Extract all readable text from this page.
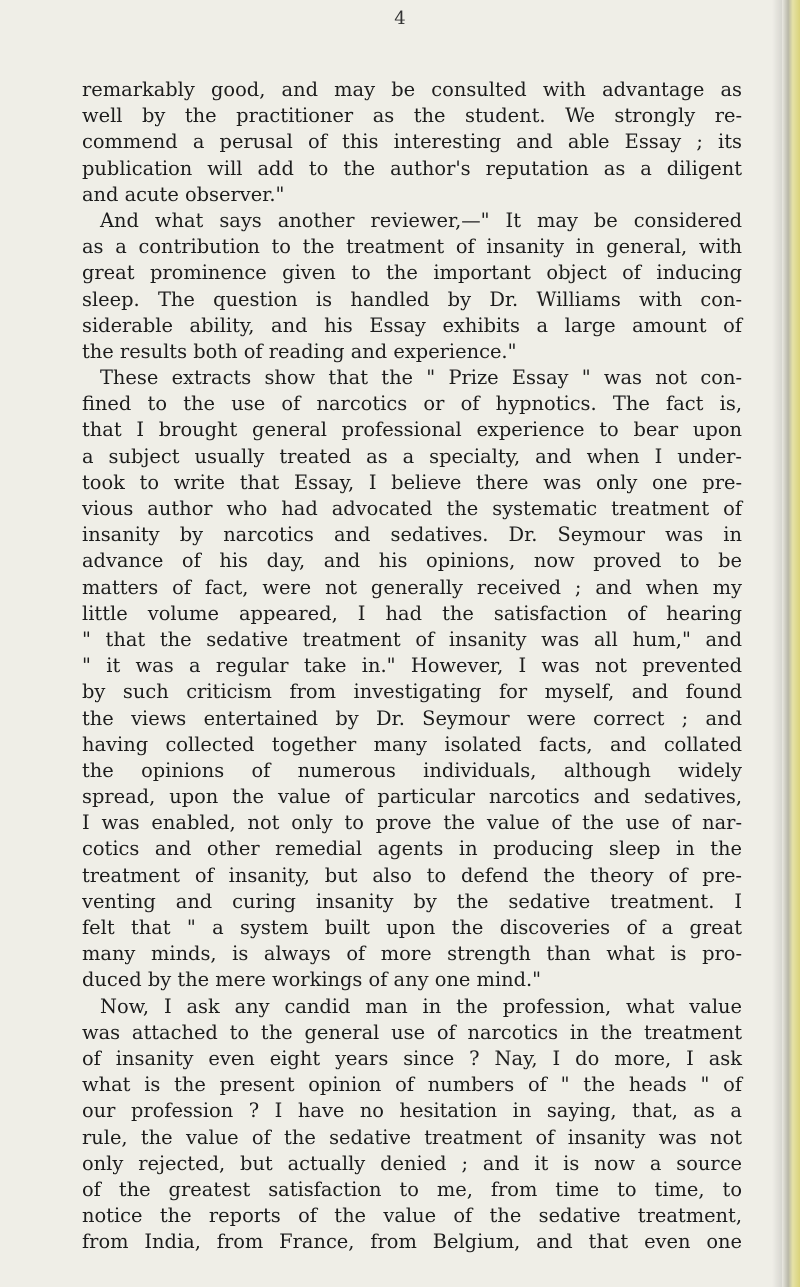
4
remarkably good, and may be consulted with advantage as
well by the practitioner as the student. We strongly re-
commend a perusal of this interesting and able Essay ; its
publication will add to the author's reputation as a diligent
and acute observer."
And what says another reviewer,—" It may be considered
as a contribution to the treatment of insanity in general, with
great prominence given to the important object of inducing
sleep. The question is handled by Dr. Williams with con-
siderable ability, and his Essay exhibits a large amount of
the results both of reading and experience."
These extracts show that the " Prize Essay " was not con-
fined to the use of narcotics or of hypnotics. The fact is,
that I brought general professional experience to bear upon
a subject usually treated as a specialty, and when I under-
took to write that Essay, I believe there was only one pre-
vious author who had advocated the systematic treatment of
insanity by narcotics and sedatives. Dr. Seymour was in
advance of his day, and his opinions, now proved to be
matters of fact, were not generally received ; and when my
little volume appeared, I had the satisfaction of hearing
" that the sedative treatment of insanity was all hum," and
" it was a regular take in." However, I was not prevented
by such criticism from investigating for myself, and found
the views entertained by Dr. Seymour were correct ; and
having collected together many isolated facts, and collated
the opinions of numerous individuals, although widely
spread, upon the value of particular narcotics and sedatives,
I was enabled, not only to prove the value of the use of nar-
cotics and other remedial agents in producing sleep in the
treatment of insanity, but also to defend the theory of pre-
venting and curing insanity by the sedative treatment. I
felt that " a system built upon the discoveries of a great
many minds, is always of more strength than what is pro-
duced by the mere workings of any one mind."
Now, I ask any candid man in the profession, what value
was attached to the general use of narcotics in the treatment
of insanity even eight years since ? Nay, I do more, I ask
what is the present opinion of numbers of " the heads " of
our profession ? I have no hesitation in saying, that, as a
rule, the value of the sedative treatment of insanity was not
only rejected, but actually denied ; and it is now a source
of the greatest satisfaction to me, from time to time, to
notice the reports of the value of the sedative treatment,
from India, from France, from Belgium, and that even one
